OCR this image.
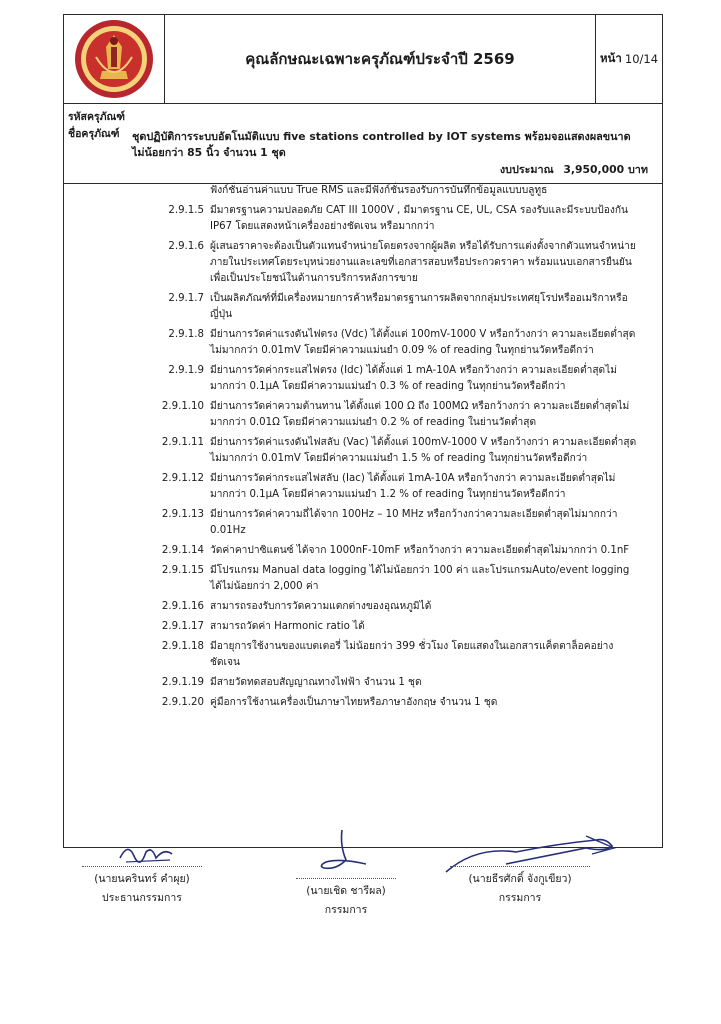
คุณลักษณะเฉพาะครุภัณฑ์ประจำปี 2569	หน้า 10/14
รหัสครุภัณฑ์
ชื่อครุภัณฑ์	ชุดปฏิบัติการระบบอัตโนมัติแบบ five stations controlled by IOT systems พร้อมจอแสดงผลขนาด
ไม่น้อยกว่า 85 นิ้ว จำนวน 1 ชุด
งบประมาณ 3,950,000 บาท
ฟังก์ชั่นอ่านค่าแบบ True RMS และมีฟังก์ชั่นรองรับการบันทึกข้อมูลแบบบลูทูธ
2.9.1.5 มีมาตรฐานความปลอดภัย CAT III 1000V , มีมาตรฐาน CE, UL, CSA รองรับและมีระบบป้องกัน
IP67 โดยแสดงหน้าเครื่องอย่างชัดเจน หรือมากกว่า
2.9.1.6 ผู้เสนอราคาจะต้องเป็นตัวแทนจำหน่ายโดยตรงจากผู้ผลิต หรือได้รับการแต่งตั้งจากตัวแทนจำหน่าย
ภายในประเทศโดยระบุหน่วยงานและเลขที่เอกสารสอบหรือประกวดราคา พร้อมแนบเอกสารยืนยัน
เพื่อเป็นประโยชน์ในด้านการบริการหลังการขาย
2.9.1.7 เป็นผลิตภัณฑ์ที่มีเครื่องหมายการค้าหรือมาตรฐานการผลิตจากกลุ่มประเทศยุโรปหรืออเมริกาหรือ
ญี่ปุ่น
2.9.1.8 มีย่านการวัดค่าแรงดันไฟตรง (Vdc) ได้ตั้งแต่ 100mV-1000 V หรือกว้างกว่า ความละเอียดต่ำสุด
ไม่มากกว่า 0.01mV โดยมีค่าความแม่นยำ 0.09 % of reading ในทุกย่านวัดหรือดีกว่า
2.9.1.9 มีย่านการวัดค่ากระแสไฟตรง (Idc) ได้ตั้งแต่ 1 mA-10A หรือกว้างกว่า ความละเอียดต่ำสุดไม่
มากกว่า 0.1μA โดยมีค่าความแม่นยำ 0.3 % of reading ในทุกย่านวัดหรือดีกว่า
2.9.1.10 มีย่านการวัดค่าความต้านทาน ได้ตั้งแต่ 100 Ω ถึง 100MΩ หรือกว้างกว่า ความละเอียดต่ำสุดไม่
มากกว่า 0.01Ω โดยมีค่าความแม่นยำ 0.2 % of reading ในย่านวัดต่ำสุด
2.9.1.11 มีย่านการวัดค่าแรงดันไฟสลับ (Vac) ได้ตั้งแต่ 100mV-1000 V หรือกว้างกว่า ความละเอียดต่ำสุด
ไม่มากกว่า 0.01mV โดยมีค่าความแม่นยำ 1.5 % of reading ในทุกย่านวัดหรือดีกว่า
2.9.1.12 มีย่านการวัดค่ากระแสไฟสลับ (Iac) ได้ตั้งแต่ 1mA-10A หรือกว้างกว่า ความละเอียดต่ำสุดไม่
มากกว่า 0.1μA โดยมีค่าความแม่นยำ 1.2 % of reading ในทุกย่านวัดหรือดีกว่า
2.9.1.13 มีย่านการวัดค่าความถี่ได้จาก 100Hz – 10 MHz หรือกว้างกว่าความละเอียดต่ำสุดไม่มากกว่า
0.01Hz
2.9.1.14 วัดค่าคาปาซิแตนซ์ ได้จาก 1000nF-10mF หรือกว้างกว่า ความละเอียดต่ำสุดไม่มากกว่า 0.1nF
2.9.1.15 มีโปรแกรม Manual data logging ได้ไม่น้อยกว่า 100 ค่า และโปรแกรมAuto/event logging
ได้ไม่น้อยกว่า 2,000 ค่า
2.9.1.16 สามารถรองรับการวัดความแตกต่างของอุณหภูมิได้
2.9.1.17 สามารถวัดค่า Harmonic ratio ได้
2.9.1.18 มีอายุการใช้งานของแบตเตอรี่ ไม่น้อยกว่า 399 ชั่วโมง โดยแสดงในเอกสารแค็ตตาล็อคอย่าง
ชัดเจน
2.9.1.19 มีสายวัดทดสอบสัญญาณทางไฟฟ้า จำนวน 1 ชุด
2.9.1.20 คู่มือการใช้งานเครื่องเป็นภาษาไทยหรือภาษาอังกฤษ จำนวน 1 ชุด
(นายนครินทร์ คำผุย)
ประธานกรรมการ
(นายเชิด ชารีผล)
กรรมการ
(นายธีรศักดิ์ จังกูเขียว)
กรรมการ
